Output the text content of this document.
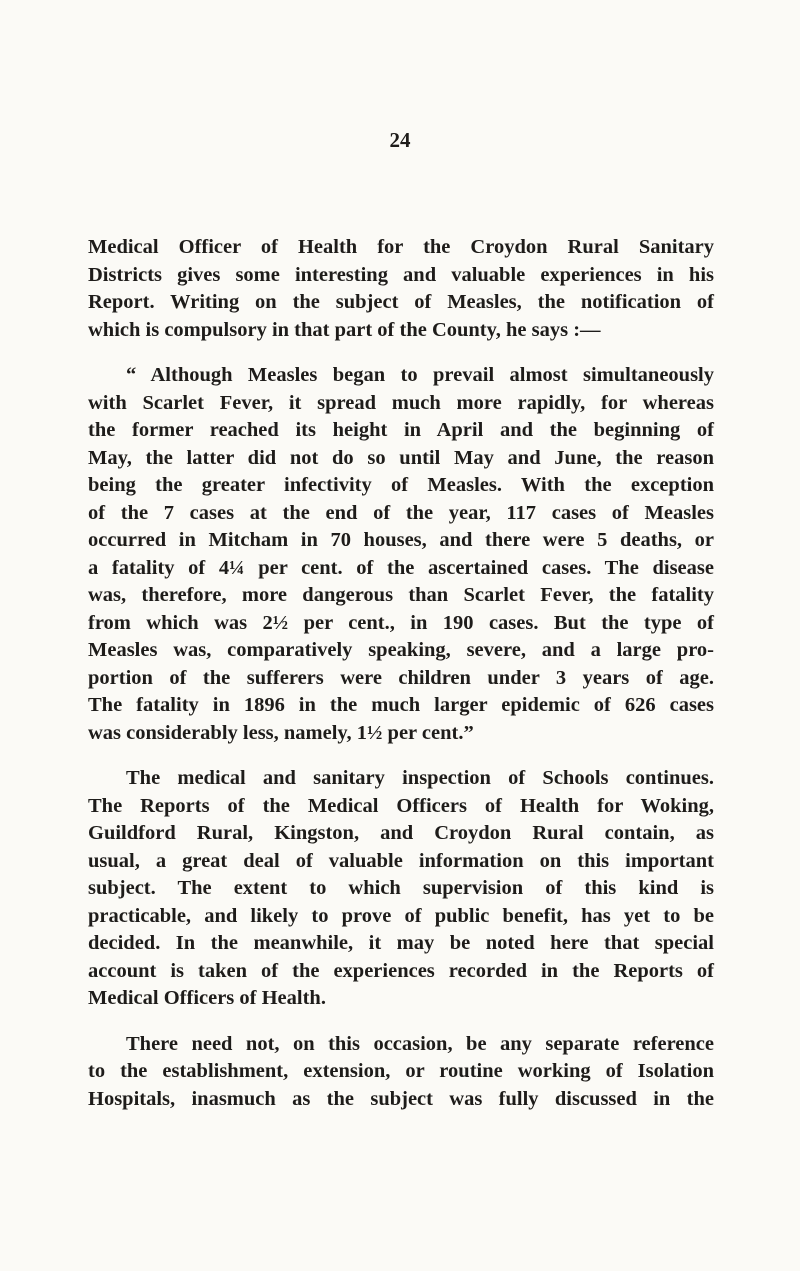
24
Medical Officer of Health for the Croydon Rural Sanitary
Districts gives some interesting and valuable experiences in his
Report. Writing on the subject of Measles, the notification of
which is compulsory in that part of the County, he says :—
“ Although Measles began to prevail almost simultaneously
with Scarlet Fever, it spread much more rapidly, for whereas
the former reached its height in April and the beginning of
May, the latter did not do so until May and June, the reason
being the greater infectivity of Measles. With the exception
of the 7 cases at the end of the year, 117 cases of Measles
occurred in Mitcham in 70 houses, and there were 5 deaths, or
a fatality of 4¼ per cent. of the ascertained cases. The disease
was, therefore, more dangerous than Scarlet Fever, the fatality
from which was 2½ per cent., in 190 cases. But the type of
Measles was, comparatively speaking, severe, and a large pro-
portion of the sufferers were children under 3 years of age.
The fatality in 1896 in the much larger epidemic of 626 cases
was considerably less, namely, 1½ per cent.”
The medical and sanitary inspection of Schools continues.
The Reports of the Medical Officers of Health for Woking,
Guildford Rural, Kingston, and Croydon Rural contain, as
usual, a great deal of valuable information on this important
subject. The extent to which supervision of this kind is
practicable, and likely to prove of public benefit, has yet to be
decided. In the meanwhile, it may be noted here that special
account is taken of the experiences recorded in the Reports of
Medical Officers of Health.
There need not, on this occasion, be any separate reference
to the establishment, extension, or routine working of Isolation
Hospitals, inasmuch as the subject was fully discussed in the
